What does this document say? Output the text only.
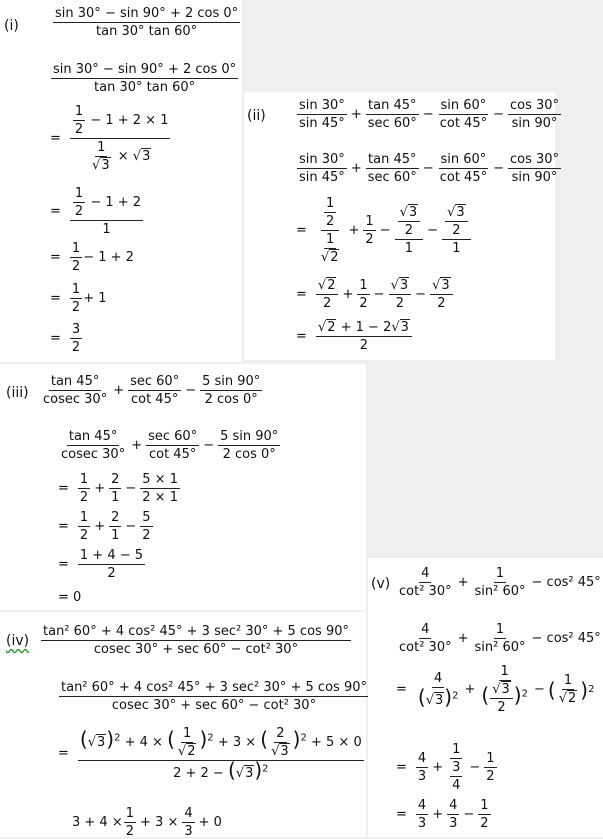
(i)	$\frac{\sin 30^\circ - \sin 90^\circ + 2 \cos 0^\circ}{\tan 30^\circ \tan 60^\circ}$
$\frac{\sin 30^\circ - \sin 90^\circ + 2 \cos 0^\circ}{\tan 30^\circ \tan 60^\circ}$
= $\frac{\frac{1}{2} - 1 + 2 \times 1}{\frac{1}{√3} \times √3}$
= $\frac{\frac{1}{2} - 1 + 2}{1}$
= $\frac{1}{2} - 1 + 2$
= $\frac{1}{2} + 1$
= $\frac{3}{2}$
$(ii) \frac{\sin 30^\circ}{\sin 45^\circ} + \frac{\tan 45^\circ}{\sec 60^\circ} - \frac{\sin 60^\circ}{\cot 45^\circ} - \frac{\cos 30^\circ}{\sin 90^\circ}$
$\frac{\sin 30^\circ}{\sin 45^\circ} + \frac{\tan 45^\circ}{\sec 60^\circ} - \frac{\sin 60^\circ}{\cot 45^\circ} - \frac{\cos 30^\circ}{\sin 90^\circ}$
= $\frac{\frac{1}{2}}{\frac{1}{√2}} + \frac{1}{2} - \frac{\frac{√3}{2}}{1} - \frac{\frac{√3}{2}}{1}$
= $\frac{√2}{2} + \frac{1}{2} - \frac{√3}{2} - \frac{√3}{2}$
= $\frac{√2 + 1 - 2√3}{2}$
$(iii) \frac{\tan 45^\circ}{cosec 30^\circ} + \frac{\sec 60^\circ}{\cot 45^\circ} - \frac{5 \sin 90^\circ}{2 \cos 0^\circ}$
$\frac{\tan 45^\circ}{cosec 30^\circ} + \frac{\sec 60^\circ}{\cot 45^\circ} - \frac{5 \sin 90^\circ}{2 \cos 0^\circ}$
= $\frac{1}{2} + \frac{2}{1} - \frac{5 \times 1}{2 \times 1}$
= $\frac{1}{2} + \frac{2}{1} - \frac{5}{2}$
= $\frac{1 + 4 - 5}{2}$
= 0
$(iv) \frac{\text{tan² 60° + 4 cos² 45° + 3 sec² 30° + 5 cos 90°}}{\text{cosec 30° + sec 60° − cot² 30°}}$
$\frac{\text{tan² 60° + 4 cos² 45° + 3 sec² 30° + 5 cos 90°}}{\text{cosec 30° + sec 60° − cot² 30°}}$
= $\frac{(√3)^2 + 4 \times ( \frac{1}{√2} )^2 + 3 \times ( \frac{2}{√3} )^2 + 5 \times 0}{2 + 2 - (√3)^2}$
$3 + 4 \times \frac{1}{2} + 3 \times \frac{4}{3} + 0$
$(v) \frac{4}{\text{cot² 30°}} + \frac{1}{\text{sin² 60°}} - \cos^2$ 45°
$\frac{4}{\text{cot² 30°}} + \frac{1}{\text{sin² 60°}} - \cos^2$ 45°
= $\frac{4}{(√3)^2} + \frac{1}{( \frac{√3}{2} )^2}$ − ( $\frac{1}{√2}$ ) 2
= $\frac{4}{3} + \frac{1}{\frac{3}{4}} - \frac{1}{2}$
= $\frac{4}{3} + \frac{4}{3} - \frac{1}{2}$
